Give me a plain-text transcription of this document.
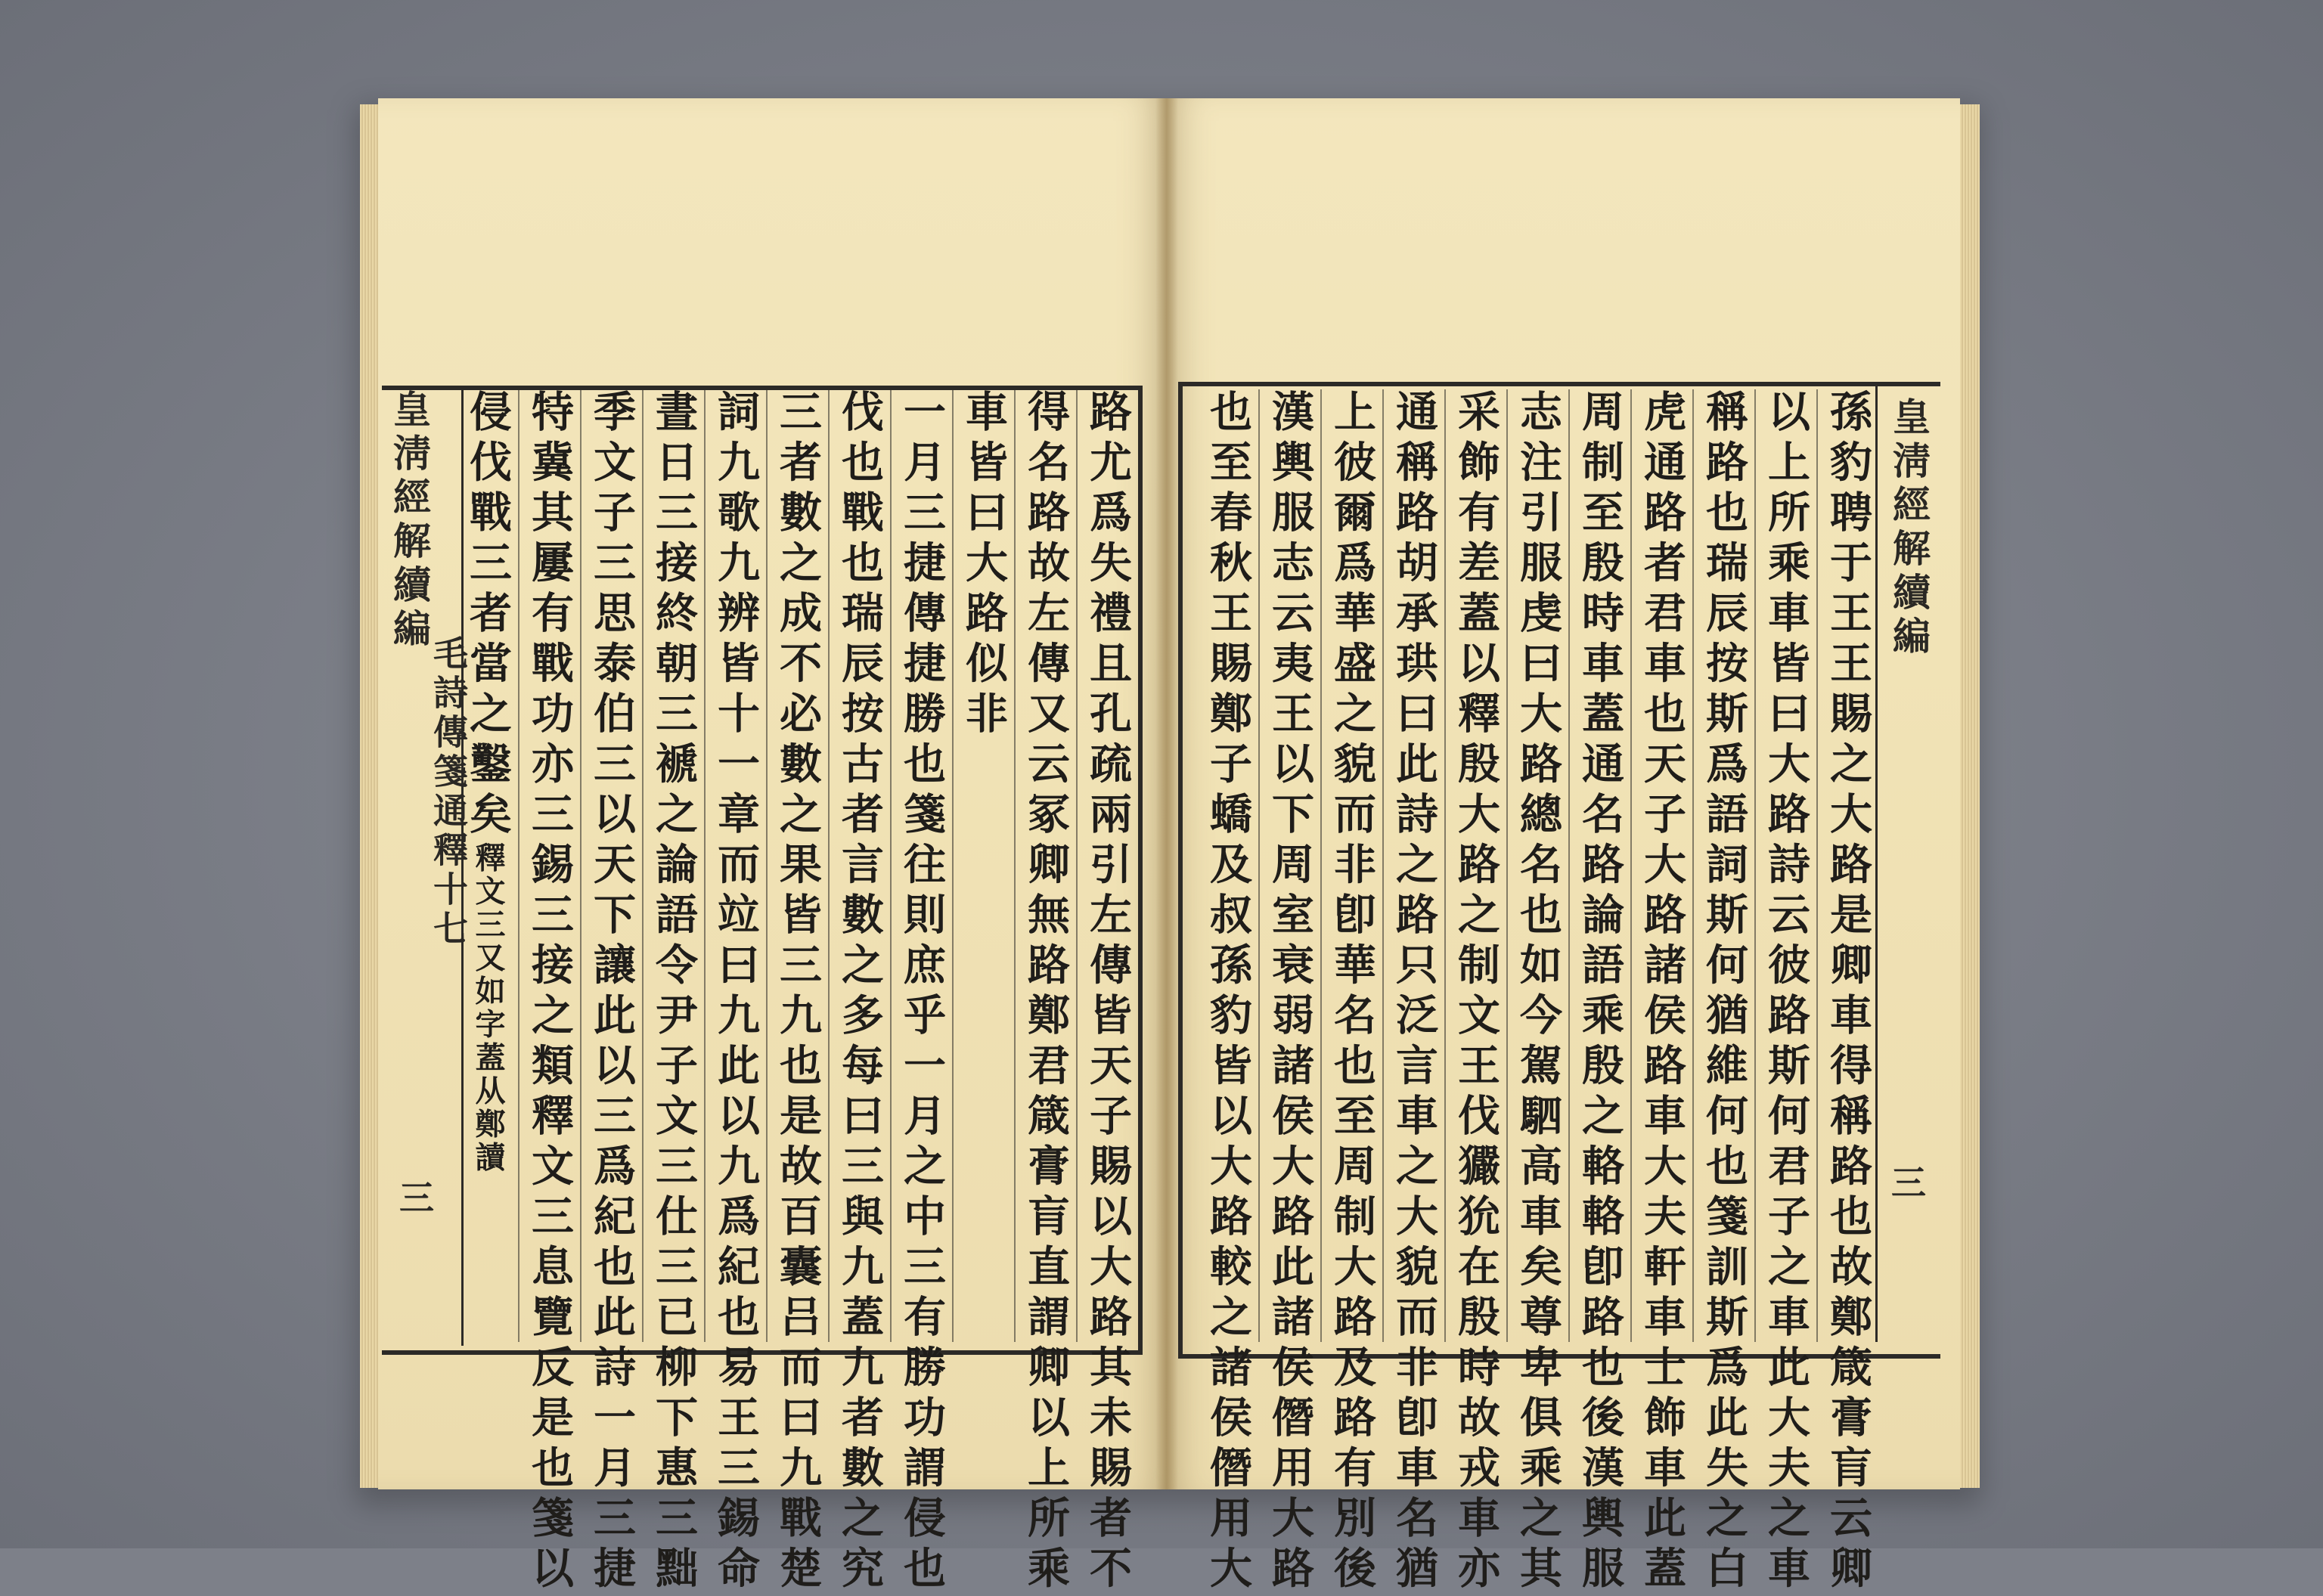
孫豹聘于王王賜之大路是卿車得稱路也故鄭箴膏肓云卿
以上所乘車皆曰大路詩云彼路斯何君子之車此大夫之車
稱路也瑞辰按斯爲語詞斯何猶維何也箋訓斯爲此失之白
虎通路者君車也天子大路諸侯路車大夫軒車士飾車此蓋
周制至殷時車蓋通名路論語乘殷之輅輅卽路也後漢輿服
志注引服虔曰大路總名也如今駕駟高車矣尊卑俱乘之其
采飾有差蓋以釋殷大路之制文王伐玁狁在殷時故戎車亦
通稱路胡承珙曰此詩之路只泛言車之大貌而非卽車名猶
上彼爾爲華盛之貌而非卽華名也至周制大路及路有別後
漢輿服志云夷王以下周室衰弱諸侯大路此諸侯僭用大路
也至春秋王賜鄭子蟜及叔孫豹皆以大路較之諸侯僭用大	皇淸經解續編
三
路尤爲失禮且孔疏兩引左傳皆天子賜以大路其未賜者不
得名路故左傳又云冢卿無路鄭君箴膏肓直謂卿以上所乘
車皆曰大路似非
一月三捷傳捷勝也箋往則庶乎一月之中三有勝功謂侵也
伐也戰也瑞辰按古者言數之多每曰三與九蓋九者數之究
三者數之成不必數之果皆三九也是故百囊吕而曰九戰楚
詞九歌九辨皆十一章而竝曰九此以九爲紀也易王三錫命
晝日三接終朝三褫之論語令尹子文三仕三已柳下惠三黜
季文子三思泰伯三以天下讓此以三爲紀也此詩一月三捷
特冀其屢有戰功亦三錫三接之類釋文三息覽反是也箋以
侵伐戰三者當之鑿矣釋文三又如字蓋从鄭讀
皇淸經解續編
毛詩傳箋通釋十七
三
